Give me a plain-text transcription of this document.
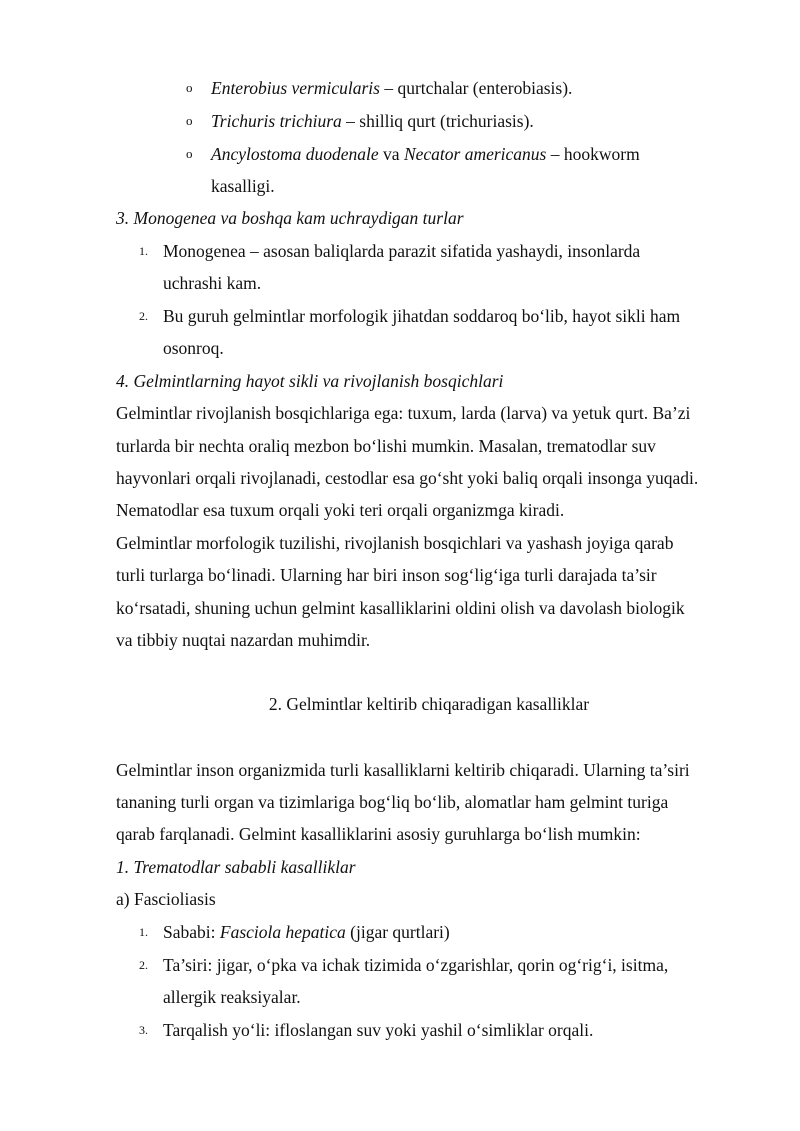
o Enterobius vermicularis – qurtchalar (enterobiasis).
o Trichuris trichiura – shilliq qurt (trichuriasis).
o Ancylostoma duodenale va Necator americanus – hookworm
kasalligi.
3. Monogenea va boshqa kam uchraydigan turlar
1. Monogenea – asosan baliqlarda parazit sifatida yashaydi, insonlarda
uchrashi kam.
2. Bu guruh gelmintlar morfologik jihatdan soddaroq bo‘lib, hayot sikli ham
osonroq.
4. Gelmintlarning hayot sikli va rivojlanish bosqichlari
Gelmintlar rivojlanish bosqichlariga ega: tuxum, larda (larva) va yetuk qurt. Ba’zi
turlarda bir nechta oraliq mezbon bo‘lishi mumkin. Masalan, trematodlar suv
hayvonlari orqali rivojlanadi, cestodlar esa go‘sht yoki baliq orqali insonga yuqadi.
Nematodlar esa tuxum orqali yoki teri orqali organizmga kiradi.
Gelmintlar morfologik tuzilishi, rivojlanish bosqichlari va yashash joyiga qarab
turli turlarga bo‘linadi. Ularning har biri inson sog‘lig‘iga turli darajada ta’sir
ko‘rsatadi, shuning uchun gelmint kasalliklarini oldini olish va davolash biologik
va tibbiy nuqtai nazardan muhimdir.
2. Gelmintlar keltirib chiqaradigan kasalliklar
Gelmintlar inson organizmida turli kasalliklarni keltirib chiqaradi. Ularning ta’siri
tananing turli organ va tizimlariga bog‘liq bo‘lib, alomatlar ham gelmint turiga
qarab farqlanadi. Gelmint kasalliklarini asosiy guruhlarga bo‘lish mumkin:
1. Trematodlar sababli kasalliklar
a) Fascioliasis
1. Sababi: Fasciola hepatica (jigar qurtlari)
2. Ta’siri: jigar, o‘pka va ichak tizimida o‘zgarishlar, qorin og‘rig‘i, isitma,
allergik reaksiyalar.
3. Tarqalish yo‘li: ifloslangan suv yoki yashil o‘simliklar orqali.
